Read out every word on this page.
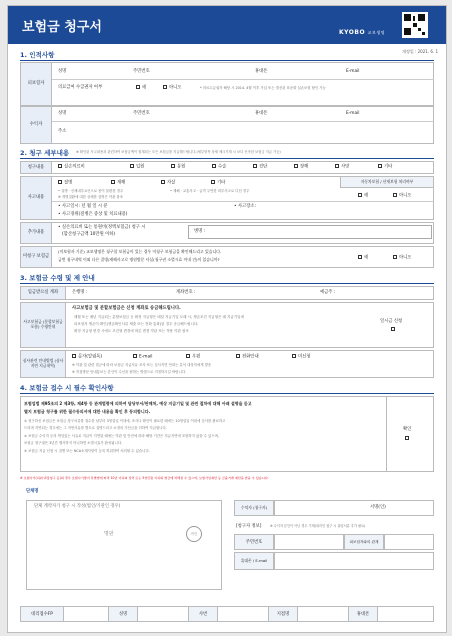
보험금 청구서	KYOBO 교보생명
개정일 : 2021. 6. 1
1. 인적사항
피보험자
성명	주민번호	휴대폰	E-mail
의료급여 수급권자 여부	예	아니오	* 의료수급권자 해당 시 2014. 4월 이후 가입 또는 갱신된 표준화 실손보험 할인 가능
수익자
성명	주민번호	휴대폰	E-mail
주소
2. 청구 세부내용 ※ 확인된 사고내용과 관련하여 보험금액이 집계되는 모든 보험금을 지급해드립니다.(세부항목 상세 체크기재 시 보다 신속한 보험금 지급 가능)
청구내용	실손의료비	입원	통원	수술	진단	장해	사망	기타
사고내용
질병	재해	자살	기타
• 질병 · 신체내부요인으로 몸이 불편한 경우
※ 개별질환에 대한 상세한 설명은 약관 참조
• 재해 · 교통사고 · 급격 우연한 외부사고로 다친 경우
자동차보험 / 산재보험 처리여부
예	아니오
• 사고일시: 년 월 일 시 분	• 사고장소:
• 사고경위(질병은 증상 및 치료내용)
추가내용
• 실손의료비 또는 통원비(정액보험금) 청구 시
(합산청구금액 10만원 이하)
병명 :
미청구 보험금
(미보험자 기준) 교보생명은 청구할 보험금이 있는 경우 미청구 보험금을 확인해드리고 있습니다.
금번 청구내역 이외 다른 질병/재해사고로 병원방문 사실(청구권 소멸시효 이내 건)이 있습니까?	예	아니오
3. 보험금 수령 및 제 안내
입금받으실 계좌	은행명 :	계좌번호 :	예금주 :
사고보험금 (분할보험금 포함) 수령안내
사고보험금 및 분할보험금은 신청 계좌로 송금해드립니다.
매월 또는 매년 지급되는 분할보험금 등 확정 지급형은 매달 지급기일 도래 시, 생존조건 지급형은 매 지급기일에
피보험자 생존이 확인(생존확인서류 제출 또는 전화 통화)된 경우 송금해드립니다.
확정 지급형 변경 시에도 조건형 변경에 따른 변경 약관 또는 적용 약관 참조
일시금 신청
심사관련 안내방법 (심사지연 지급내역)
문자(알림톡)	E-mail	우편	전화안내	미신청
※ 약관 및 관련 법규에 따라 보험금 지급사유 조사 또는 심사지연 안내는 분석 대상자에게 발송
※ 직접방문 안내통보는 본인이 수신을 원하는 방법으로 지정하시길 바랍니다.
4. 보험금 접수 시 필수 확인사항
보험업법 제95조의 2 제3항, 제4항 등 관계법령에 의하여 담당부서/판매처, 예상 지급기일 및 관련 절차에 대해 아래 설명을 듣고
별지 보험금 청구를 위한 필수동의서에 대한 내용을 확인 후 동의합니다.
① 청구하신 보험금은 보험금 청구서류를 접수한 날부터 3영업일 이내에, 조사나 확인이 필요한 때에는 10영업일 이내에 심사를 완료하고
드리며 지연되는 경우에는 그 지연사유를 별도로 설명드리고 소정의 가산금을 더하여 지급합니다.
② 보험금 수익자 등의 책임있는 사유로 지급이 지연된 때에는 약관 및 안전에 따라 해당 기간은 지급지연에 포함하지 않을 수 있으며,
보험금 청구권은 3년간 행사하지 아니하면 소멸시효가 완성됩니다.
③ 보험금 지급 신청 시 질병 또는 NCA소재사항이 등록 허위하여 처리할 수 있습니다.
확인
※ 보험사기(허위·과장청구 등)의 경우 보험사기방지 특별법에 따라 10년 이하의 징역 또는 5천만원 이하의 벌금에 처해질 수 있으며, 보험가입제한 등 금융거래 제한을 받을 수 있습니다.
단체명
단체 계약자가 청구 시 작성(법인/기관인 경우)
명판	직인
수익자 (청구자)	서명(인)
[청구자 정보]	※ 수익자 본인이 아닌 경우 기재(대리인 청구 시 위임서류 추가 필요)
주민번호	피보험자와의 관계
휴대폰 / E-mail
대리접수FP	성명	사번	지점명	휴대폰
